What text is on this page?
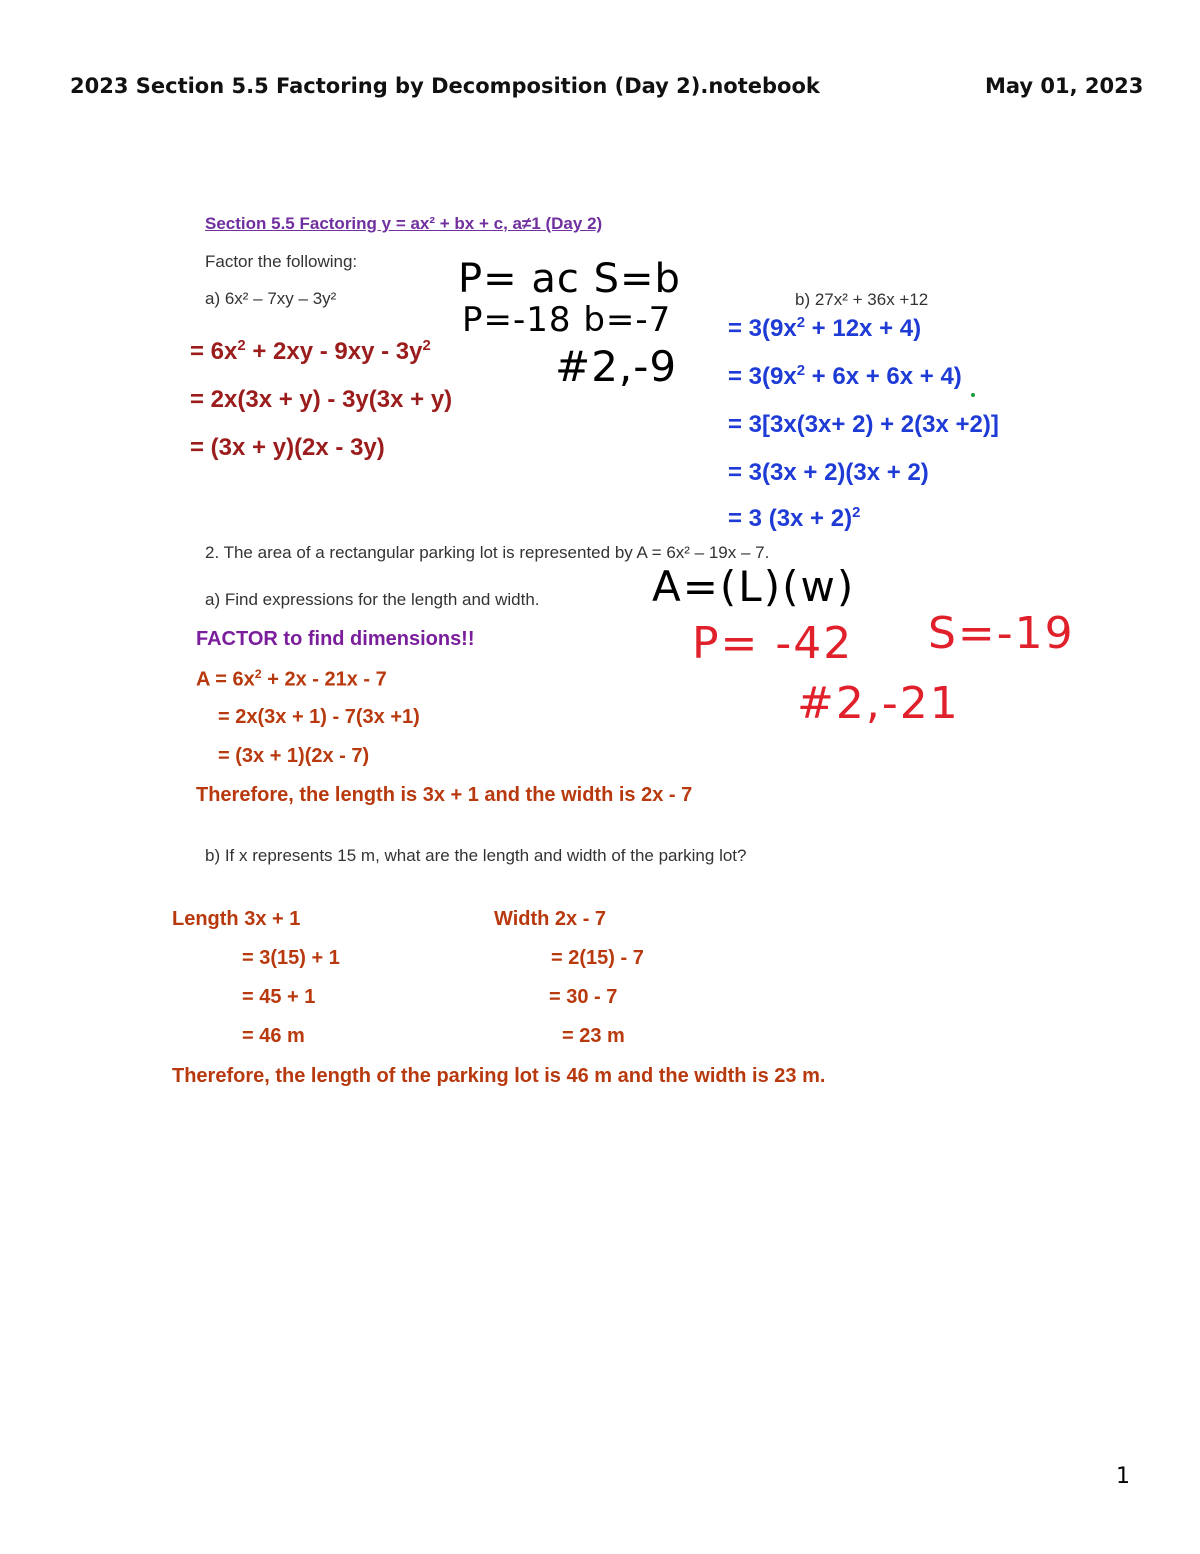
2023 Section 5.5 Factoring by Decomposition (Day 2).notebook	May 01, 2023
Section 5.5 Factoring y = ax² + bx + c, a≠1 (Day 2)
Factor the following:
a) 6x² – 7xy – 3y²	b) 27x² + 36x +12
P= ac S=b
P=-18 b=-7
#2,-9
= $6x^2 + 2xy - 9xy - 3y^2$
= 2x(3x + y) - 3y(3x + y)
= (3x + y)(2x - 3y)
= $3(9x^2 + 12x + 4)$
= $3(9x^2 + 6x + 6x + 4)$
= 3[3x(3x+ 2) + 2(3x +2)]
= 3(3x + 2)(3x + 2)
= 3 $(3x + 2)^2$
2. The area of a rectangular parking lot is represented by A = 6x² – 19x – 7.
a) Find expressions for the length and width.	A=(L)(w)
P= -42 S=-19
#2,-21
FACTOR to find dimensions!!
$A = 6x^2 + 2x - 21x - 7$
= 2x(3x + 1) - 7(3x +1)
= (3x + 1)(2x - 7)
Therefore, the length is 3x + 1 and the width is 2x - 7
b) If x represents 15 m, what are the length and width of the parking lot?
Length 3x + 1
= 3(15) + 1
= 45 + 1
= 46 m
Width 2x - 7
= 2(15) - 7
= 30 - 7
= 23 m
Therefore, the length of the parking lot is 46 m and the width is 23 m.
1
